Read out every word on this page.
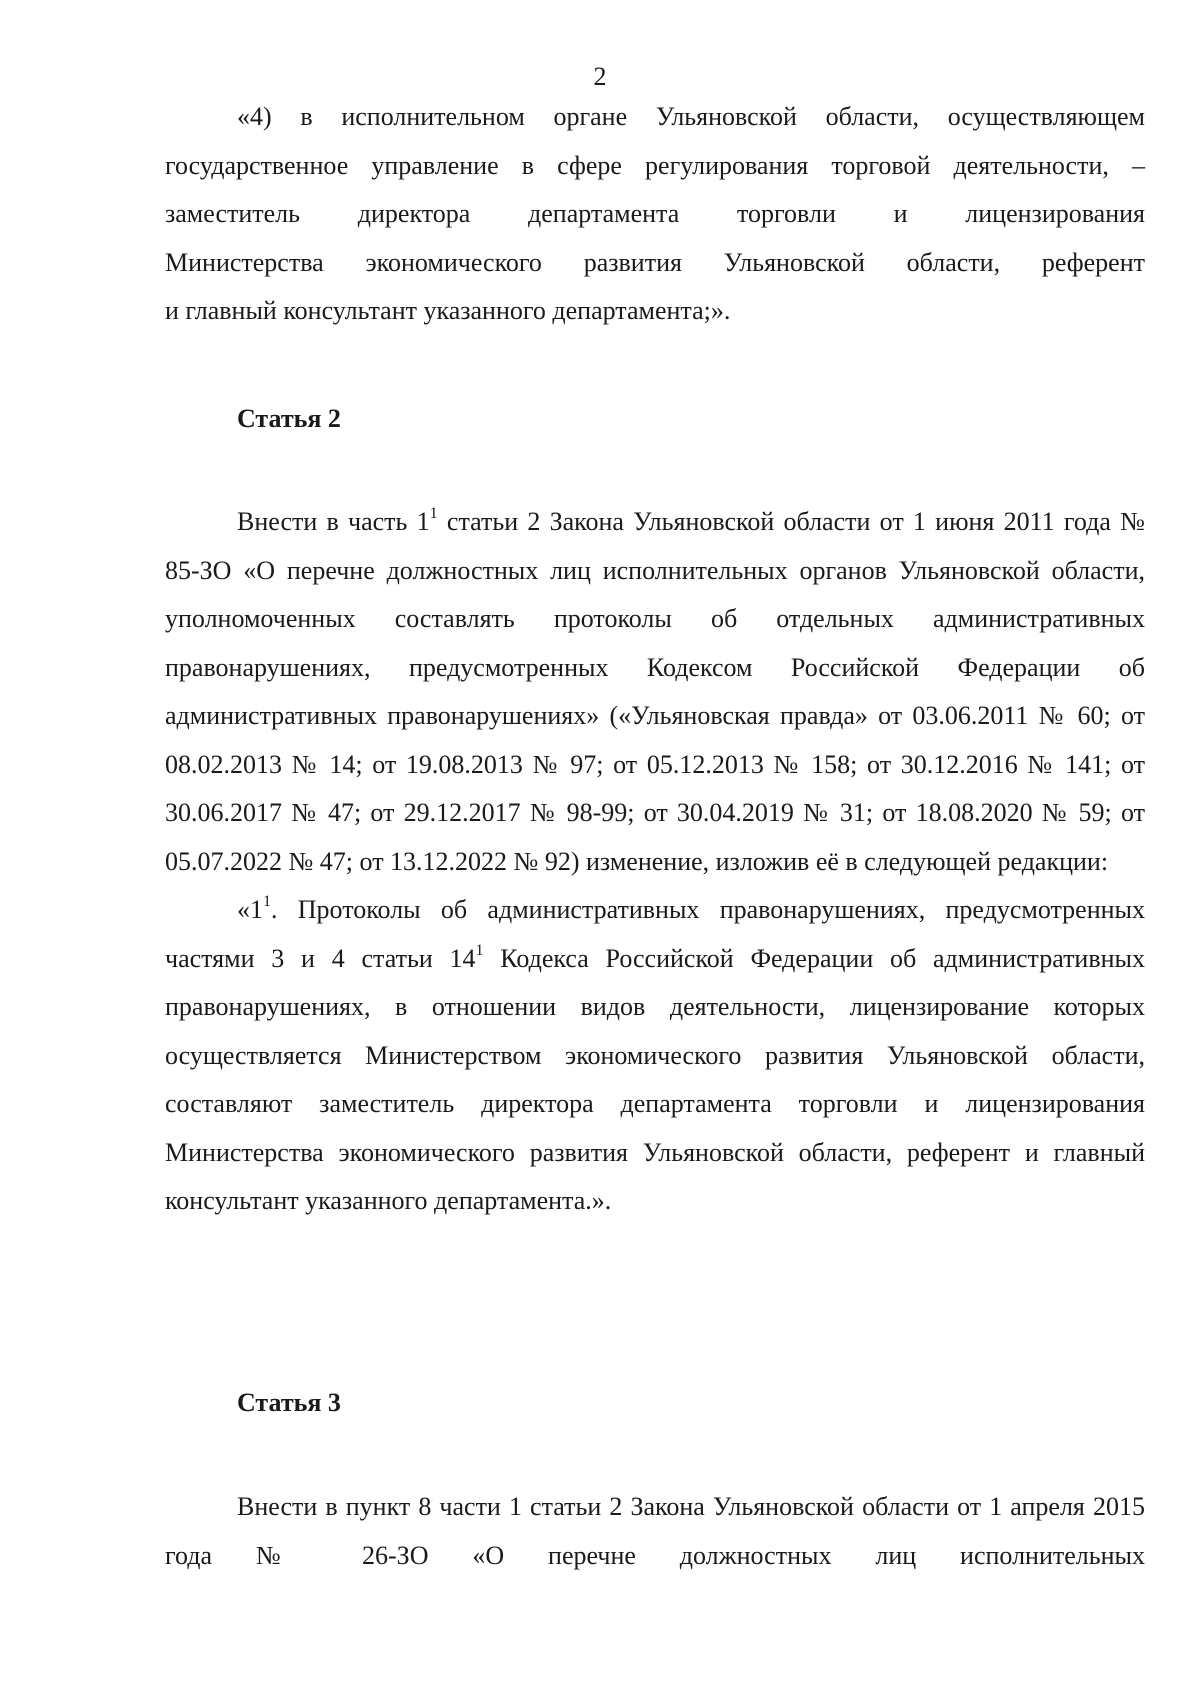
2

«4) в исполнительном органе Ульяновской области, осуществляющем

государственное управление в сфере регулирования торговой деятельности, –

заместитель директора департамента торговли и лицензирования

Министерства экономического развития Ульяновской области, референт

и главный консультант указанного департамента;».

Статья 2

Внести в часть $1^1$ статьи 2 Закона Ульяновской области от 1 июня 2011 года № 85-ЗО «О перечне должностных лиц исполнительных органов Ульяновской области, уполномоченных составлять протоколы об отдельных административных правонарушениях, предусмотренных Кодексом Российской Федерации об административных правонарушениях» («Ульяновская правда» от 03.06.2011 № 60; от 08.02.2013 № 14; от 19.08.2013 № 97; от 05.12.2013 № 158; от 30.12.2016 № 141; от 30.06.2017 № 47; от 29.12.2017 № 98-99; от 30.04.2019 № 31; от 18.08.2020 № 59; от 05.07.2022 № 47; от 13.12.2022 № 92) изменение, изложив её в следующей редакции:

«$1^1$. Протоколы об административных правонарушениях, предусмотренных частями 3 и 4 статьи $14^1$ Кодекса Российской Федерации об административных правонарушениях, в отношении видов деятельности, лицензирование которых осуществляется Министерством экономического развития Ульяновской области, составляют заместитель директора департамента торговли и лицензирования Министерства экономического развития Ульяновской области, референт и главный консультант указанного департамента.».

Статья 3

Внести в пункт 8 части 1 статьи 2 Закона Ульяновской области от 1 апреля 2015 года № 26-ЗО «О перечне должностных лиц исполнительных
